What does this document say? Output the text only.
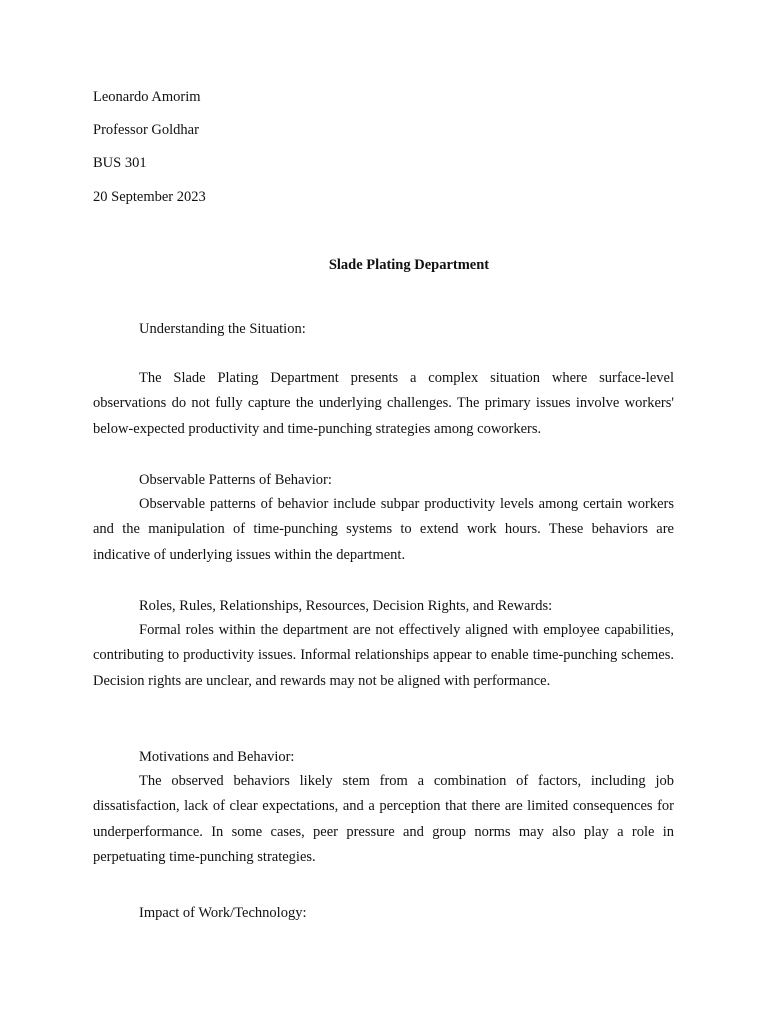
Leonardo Amorim
Professor Goldhar
BUS 301
20 September 2023
Slade Plating Department
Understanding the Situation:

The Slade Plating Department presents a complex situation where surface-level observations do not fully capture the underlying challenges. The primary issues involve workers' below-expected productivity and time-punching strategies among coworkers.

Observable Patterns of Behavior:

Observable patterns of behavior include subpar productivity levels among certain workers and the manipulation of time-punching systems to extend work hours. These behaviors are indicative of underlying issues within the department.

Roles, Rules, Relationships, Resources, Decision Rights, and Rewards:

Formal roles within the department are not effectively aligned with employee capabilities, contributing to productivity issues. Informal relationships appear to enable time-punching schemes. Decision rights are unclear, and rewards may not be aligned with performance.

Motivations and Behavior:

The observed behaviors likely stem from a combination of factors, including job dissatisfaction, lack of clear expectations, and a perception that there are limited consequences for underperformance. In some cases, peer pressure and group norms may also play a role in perpetuating time-punching strategies.

Impact of Work/Technology:
